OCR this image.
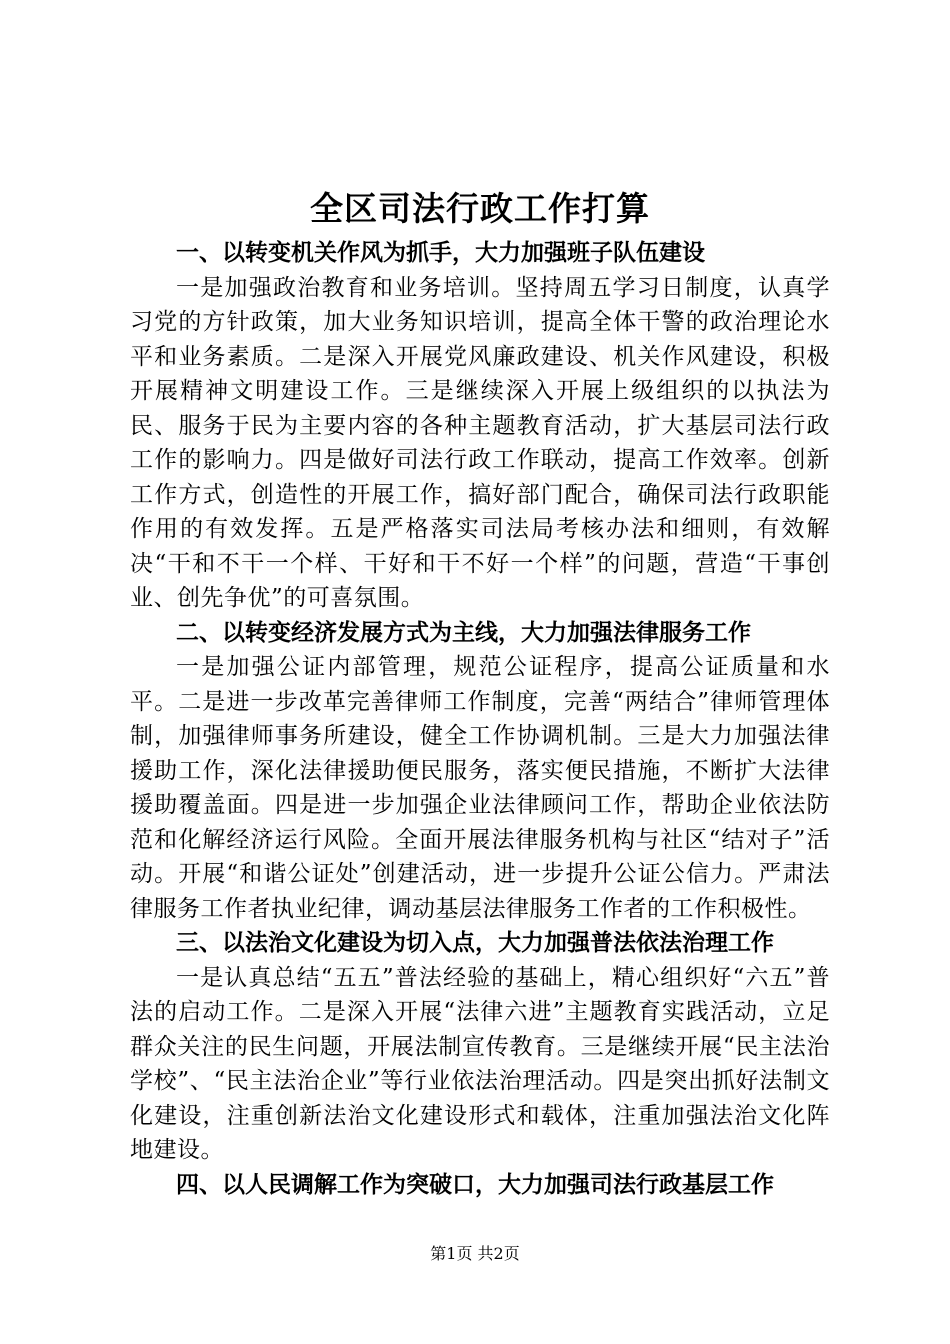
全区司法行政工作打算
一、以转变机关作风为抓手，大力加强班子队伍建设

一是加强政治教育和业务培训。坚持周五学习日制度，认真学习党的方针政策，加大业务知识培训，提高全体干警的政治理论水平和业务素质。二是深入开展党风廉政建设、机关作风建设，积极开展精神文明建设工作。三是继续深入开展上级组织的以执法为民、服务于民为主要内容的各种主题教育活动，扩大基层司法行政工作的影响力。四是做好司法行政工作联动，提高工作效率。创新工作方式，创造性的开展工作，搞好部门配合，确保司法行政职能作用的有效发挥。五是严格落实司法局考核办法和细则，有效解决“干和不干一个样、干好和干不好一个样”的问题，营造“干事创业、创先争优”的可喜氛围。

二、以转变经济发展方式为主线，大力加强法律服务工作

一是加强公证内部管理，规范公证程序，提高公证质量和水平。二是进一步改革完善律师工作制度，完善“两结合”律师管理体制，加强律师事务所建设，健全工作协调机制。三是大力加强法律援助工作，深化法律援助便民服务，落实便民措施，不断扩大法律援助覆盖面。四是进一步加强企业法律顾问工作，帮助企业依法防范和化解经济运行风险。全面开展法律服务机构与社区“结对子”活动。开展“和谐公证处”创建活动，进一步提升公证公信力。严肃法律服务工作者执业纪律，调动基层法律服务工作者的工作积极性。

三、以法治文化建设为切入点，大力加强普法依法治理工作

一是认真总结“五五”普法经验的基础上，精心组织好“六五”普法的启动工作。二是深入开展“法律六进”主题教育实践活动，立足群众关注的民生问题，开展法制宣传教育。三是继续开展“民主法治学校”、“民主法治企业”等行业依法治理活动。四是突出抓好法制文化建设，注重创新法治文化建设形式和载体，注重加强法治文化阵地建设。

四、以人民调解工作为突破口，大力加强司法行政基层工作
第1页 共2页
